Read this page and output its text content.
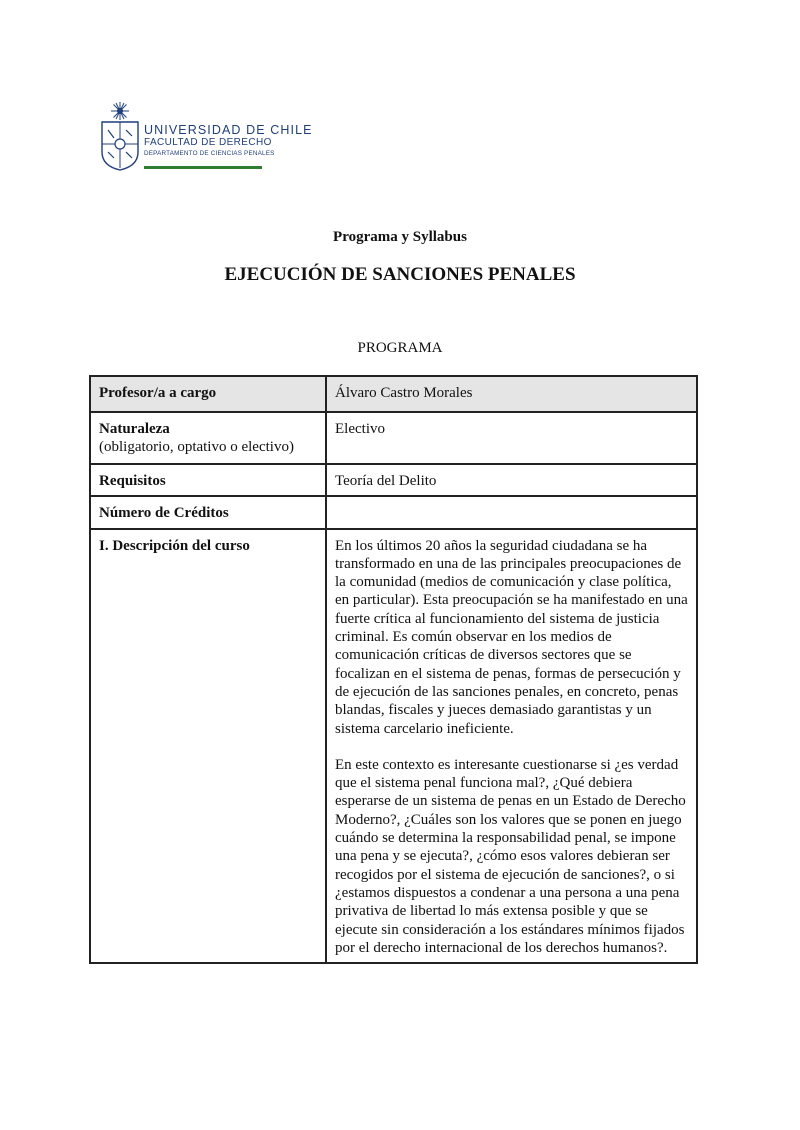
UNIVERSIDAD DE CHILE
FACULTAD DE DERECHO
DEPARTAMENTO DE CIENCIAS PENALES
Programa y Syllabus
EJECUCIÓN DE SANCIONES PENALES
PROGRAMA
Profesor/a a cargo	Álvaro Castro Morales
Naturaleza
(obligatorio, optativo o electivo)	Electivo
Requisitos	Teoría del Delito
Número de Créditos	
I. Descripción del curso	En los últimos 20 años la seguridad ciudadana se ha transformado en una de las principales preocupaciones de la comunidad (medios de comunicación y clase política, en particular). Esta preocupación se ha manifestado en una fuerte crítica al funcionamiento del sistema de justicia criminal. Es común observar en los medios de comunicación críticas de diversos sectores que se focalizan en el sistema de penas, formas de persecución y de ejecución de las sanciones penales, en concreto, penas blandas, fiscales y jueces demasiado garantistas y un sistema carcelario ineficiente.

En este contexto es interesante cuestionarse si ¿es verdad que el sistema penal funciona mal?, ¿Qué debiera esperarse de un sistema de penas en un Estado de Derecho Moderno?, ¿Cuáles son los valores que se ponen en juego cuándo se determina la responsabilidad penal, se impone una pena y se ejecuta?, ¿cómo esos valores debieran ser recogidos por el sistema de ejecución de sanciones?, o si ¿estamos dispuestos a condenar a una persona a una pena privativa de libertad lo más extensa posible y que se ejecute sin consideración a los estándares mínimos fijados por el derecho internacional de los derechos humanos?.
